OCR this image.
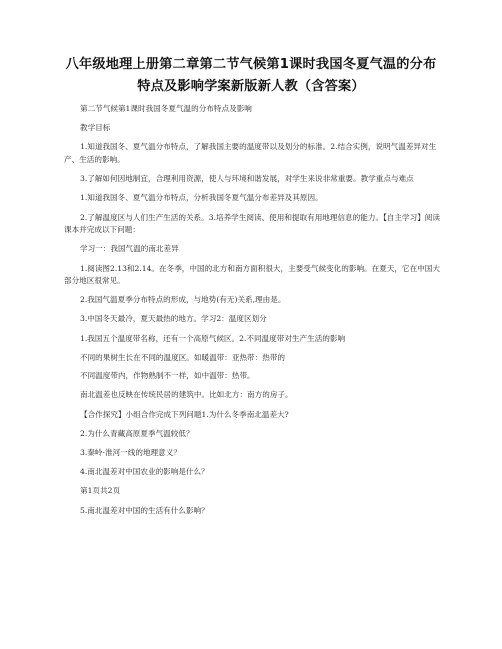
八年级地理上册第二章第二节气候第1课时我国冬夏气温的分布
特点及影响学案新版新人教（含答案）

第二节气候第1课时我国冬夏气温的分布特点及影响

教学目标

1.知道我国冬、夏气温分布特点，了解我国主要的温度带以及划分的标准。2.结合实例，说明气温差异对生产、生活的影响。

3.了解如何因地制宜，合理利用资源，使人与环境和谐发展，对学生来说非常重要。教学重点与难点

1.知道我国冬、夏气温分布特点，分析我国冬夏气温分布差异及其原因。

2.了解温度区与人们生产生活的关系。3.培养学生阅读、使用和提取有用地理信息的能力。【自主学习】阅读课本并完成以下问题：

学习一：我国气温的南北差异

1.阅读图2.13和2.14。在冬季，中国的北方和南方面积很大，主要受气候变化的影响。在夏天，它在中国大部分地区很常见。

2.我国气温夏季分布特点的形成，与地势(有无)关系,理由是。

3.中国冬天最冷，夏天最热的地方。学习2：温度区划分

1.我国五个温度带名称，还有一个高原气候区。2.不同温度带对生产生活的影响

不同的果树生长在不同的温度区。如暖温带：亚热带：热带的

不同温度带内，作物熟制不一样，如中温带：热带。

南北温差也反映在传统民居的建筑中。比如北方：南方的房子。

【合作探究】小组合作完成下列问题1.为什么冬季南北温差大?

2.为什么青藏高原夏季气温较低？

3.秦岭-淮河一线的地理意义？

4.南北温差对中国农业的影响是什么？

第1页共2页

5.南北温差对中国的生活有什么影响？
